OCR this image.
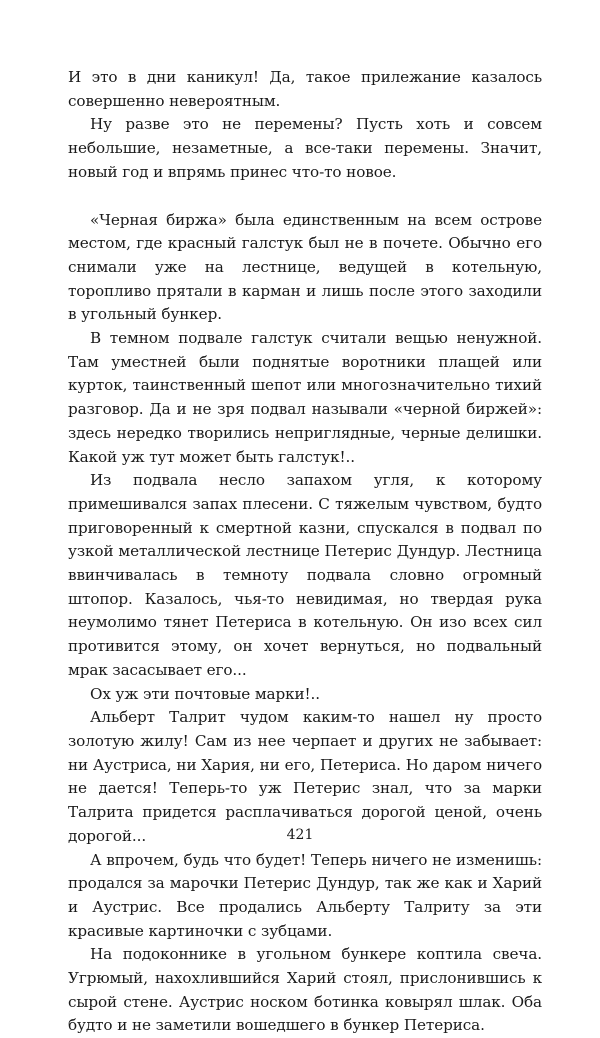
И это в дни каникул! Да, такое прилежание казалось совершенно невероятным.

Ну разве это не перемены? Пусть хоть и совсем небольшие, незаметные, а все-таки перемены. Значит, новый год и впрямь принес что-то новое.

«Черная биржа» была единственным на всем острове местом, где красный галстук был не в почете. Обычно его снимали уже на лестнице, ведущей в котельную, торопливо прятали в карман и лишь после этого заходили в угольный бункер.

В темном подвале галстук считали вещью ненужной. Там уместней были поднятые воротники плащей или курток, таинственный шепот или многозначительно тихий разговор. Да и не зря подвал называли «черной биржей»: здесь нередко творились неприглядные, черные делишки. Какой уж тут может быть галстук!..

Из подвала несло запахом угля, к которому примешивался запах плесени. С тяжелым чувством, будто приговоренный к смертной казни, спускался в подвал по узкой металлической лестнице Петерис Дундур. Лестница ввинчивалась в темноту подвала словно огромный штопор. Казалось, чья-то невидимая, но твердая рука неумолимо тянет Петериса в котельную. Он изо всех сил противится этому, он хочет вернуться, но подвальный мрак засасывает его...

Ох уж эти почтовые марки!..

Альберт Талрит чудом каким-то нашел ну просто золотую жилу! Сам из нее черпает и других не забывает: ни Аустриса, ни Хария, ни его, Петериса. Но даром ничего не дается! Теперь-то уж Петерис знал, что за марки Талрита придется расплачиваться дорогой ценой, очень дорогой...

А впрочем, будь что будет! Теперь ничего не изменишь: продался за марочки Петерис Дундур, так же как и Харий и Аустрис. Все продались Альберту Талриту за эти красивые картиночки с зубцами.

На подоконнике в угольном бункере коптила свеча. Угрюмый, нахохлившийся Харий стоял, прислонившись к сырой стене. Аустрис носком ботинка ковырял шлак. Оба будто и не заметили вошедшего в бункер Петериса.

421
